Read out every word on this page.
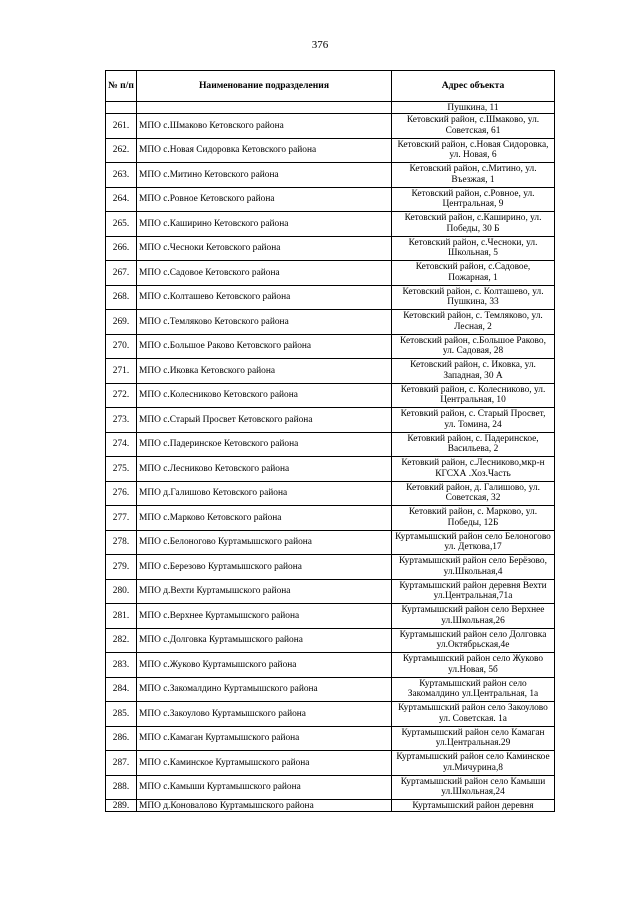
376
№ п/п	Наименование подразделения	Адрес объекта
		Пушкина, 11
261.	МПО с.Шмаково Кетовского района	Кетовский район, с.Шмаково, ул. Советская, 61
262.	МПО с.Новая Сидоровка Кетовского района	Кетовский район, с.Новая Сидоровка, ул. Новая, 6
263.	МПО с.Митино Кетовского района	Кетовский район, с.Митино, ул. Въезжая, 1
264.	МПО с.Ровное Кетовского района	Кетовский район, с.Ровное, ул. Центральная, 9
265.	МПО с.Каширино Кетовского района	Кетовский район, с.Каширино, ул. Победы, 30 Б
266.	МПО с.Чесноки Кетовского района	Кетовский район, с.Чесноки, ул. Школьная, 5
267.	МПО с.Садовое Кетовского района	Кетовский район, с.Садовое, Пожарная, 1
268.	МПО с.Колташево Кетовского района	Кетовский район, с. Колташево, ул. Пушкина, 33
269.	МПО с.Темляково Кетовского района	Кетовский район, с. Темляково, ул. Лесная, 2
270.	МПО с.Большое Раково Кетовского района	Кетовский район, с.Большое Раково, ул. Садовая, 28
271.	МПО с.Иковка Кетовского района	Кетовский район, с. Иковка, ул. Западная, 30 А
272.	МПО с.Колесниково Кетовского района	Кетовкий район, с. Колесниково, ул. Центральная, 10
273.	МПО с.Старый Просвет Кетовского района	Кетовкий район, с. Старый Просвет, ул. Томина, 24
274.	МПО с.Падеринское Кетовского района	Кетовкий район, с. Падеринское, Васильева, 2
275.	МПО с.Лесниково Кетовского района	Кетовкий район, с.Лесниково,мкр-н КГСХА .Хоз.Часть
276.	МПО д.Галишово Кетовского района	Кетовкий район, д. Галишово, ул. Советская, 32
277.	МПО с.Марково Кетовского района	Кетовкий район, с. Марково, ул. Победы, 12Б
278.	МПО с.Белоногово Куртамышского района	Куртамышский район село Белоногово ул. Деткова,17
279.	МПО с.Березово Куртамышского района	Куртамышский район село Берёзово, ул.Школьная,4
280.	МПО д.Вехти Куртамышского района	Куртамышский район деревня Вехти ул.Центральная,71а
281.	МПО с.Верхнее Куртамышского района	Куртамышский район село Верхнее ул.Школьная,26
282.	МПО с.Долговка Куртамышского района	Куртамышский район село Долговка ул.Октябрьская,4е
283.	МПО с.Жуково Куртамышского района	Куртамышский район село Жуково ул.Новая, 5б
284.	МПО с.Закомалдино Куртамышского района	Куртамышский район село Закомалдино ул.Центральная, 1а
285.	МПО с.Закоулово Куртамышского района	Куртамышский район село Закоулово ул. Советская. 1а
286.	МПО с.Камаган Куртамышского района	Куртамышский район село Камаган ул.Центральная.29
287.	МПО с.Каминское Куртамышского района	Куртамышский район село Каминское ул.Мичурина,8
288.	МПО с.Камыши Куртамышского района	Куртамышский район село Камыши ул.Школьная,24
289.	МПО д.Коновалово Куртамышского района	Куртамышский район деревня
